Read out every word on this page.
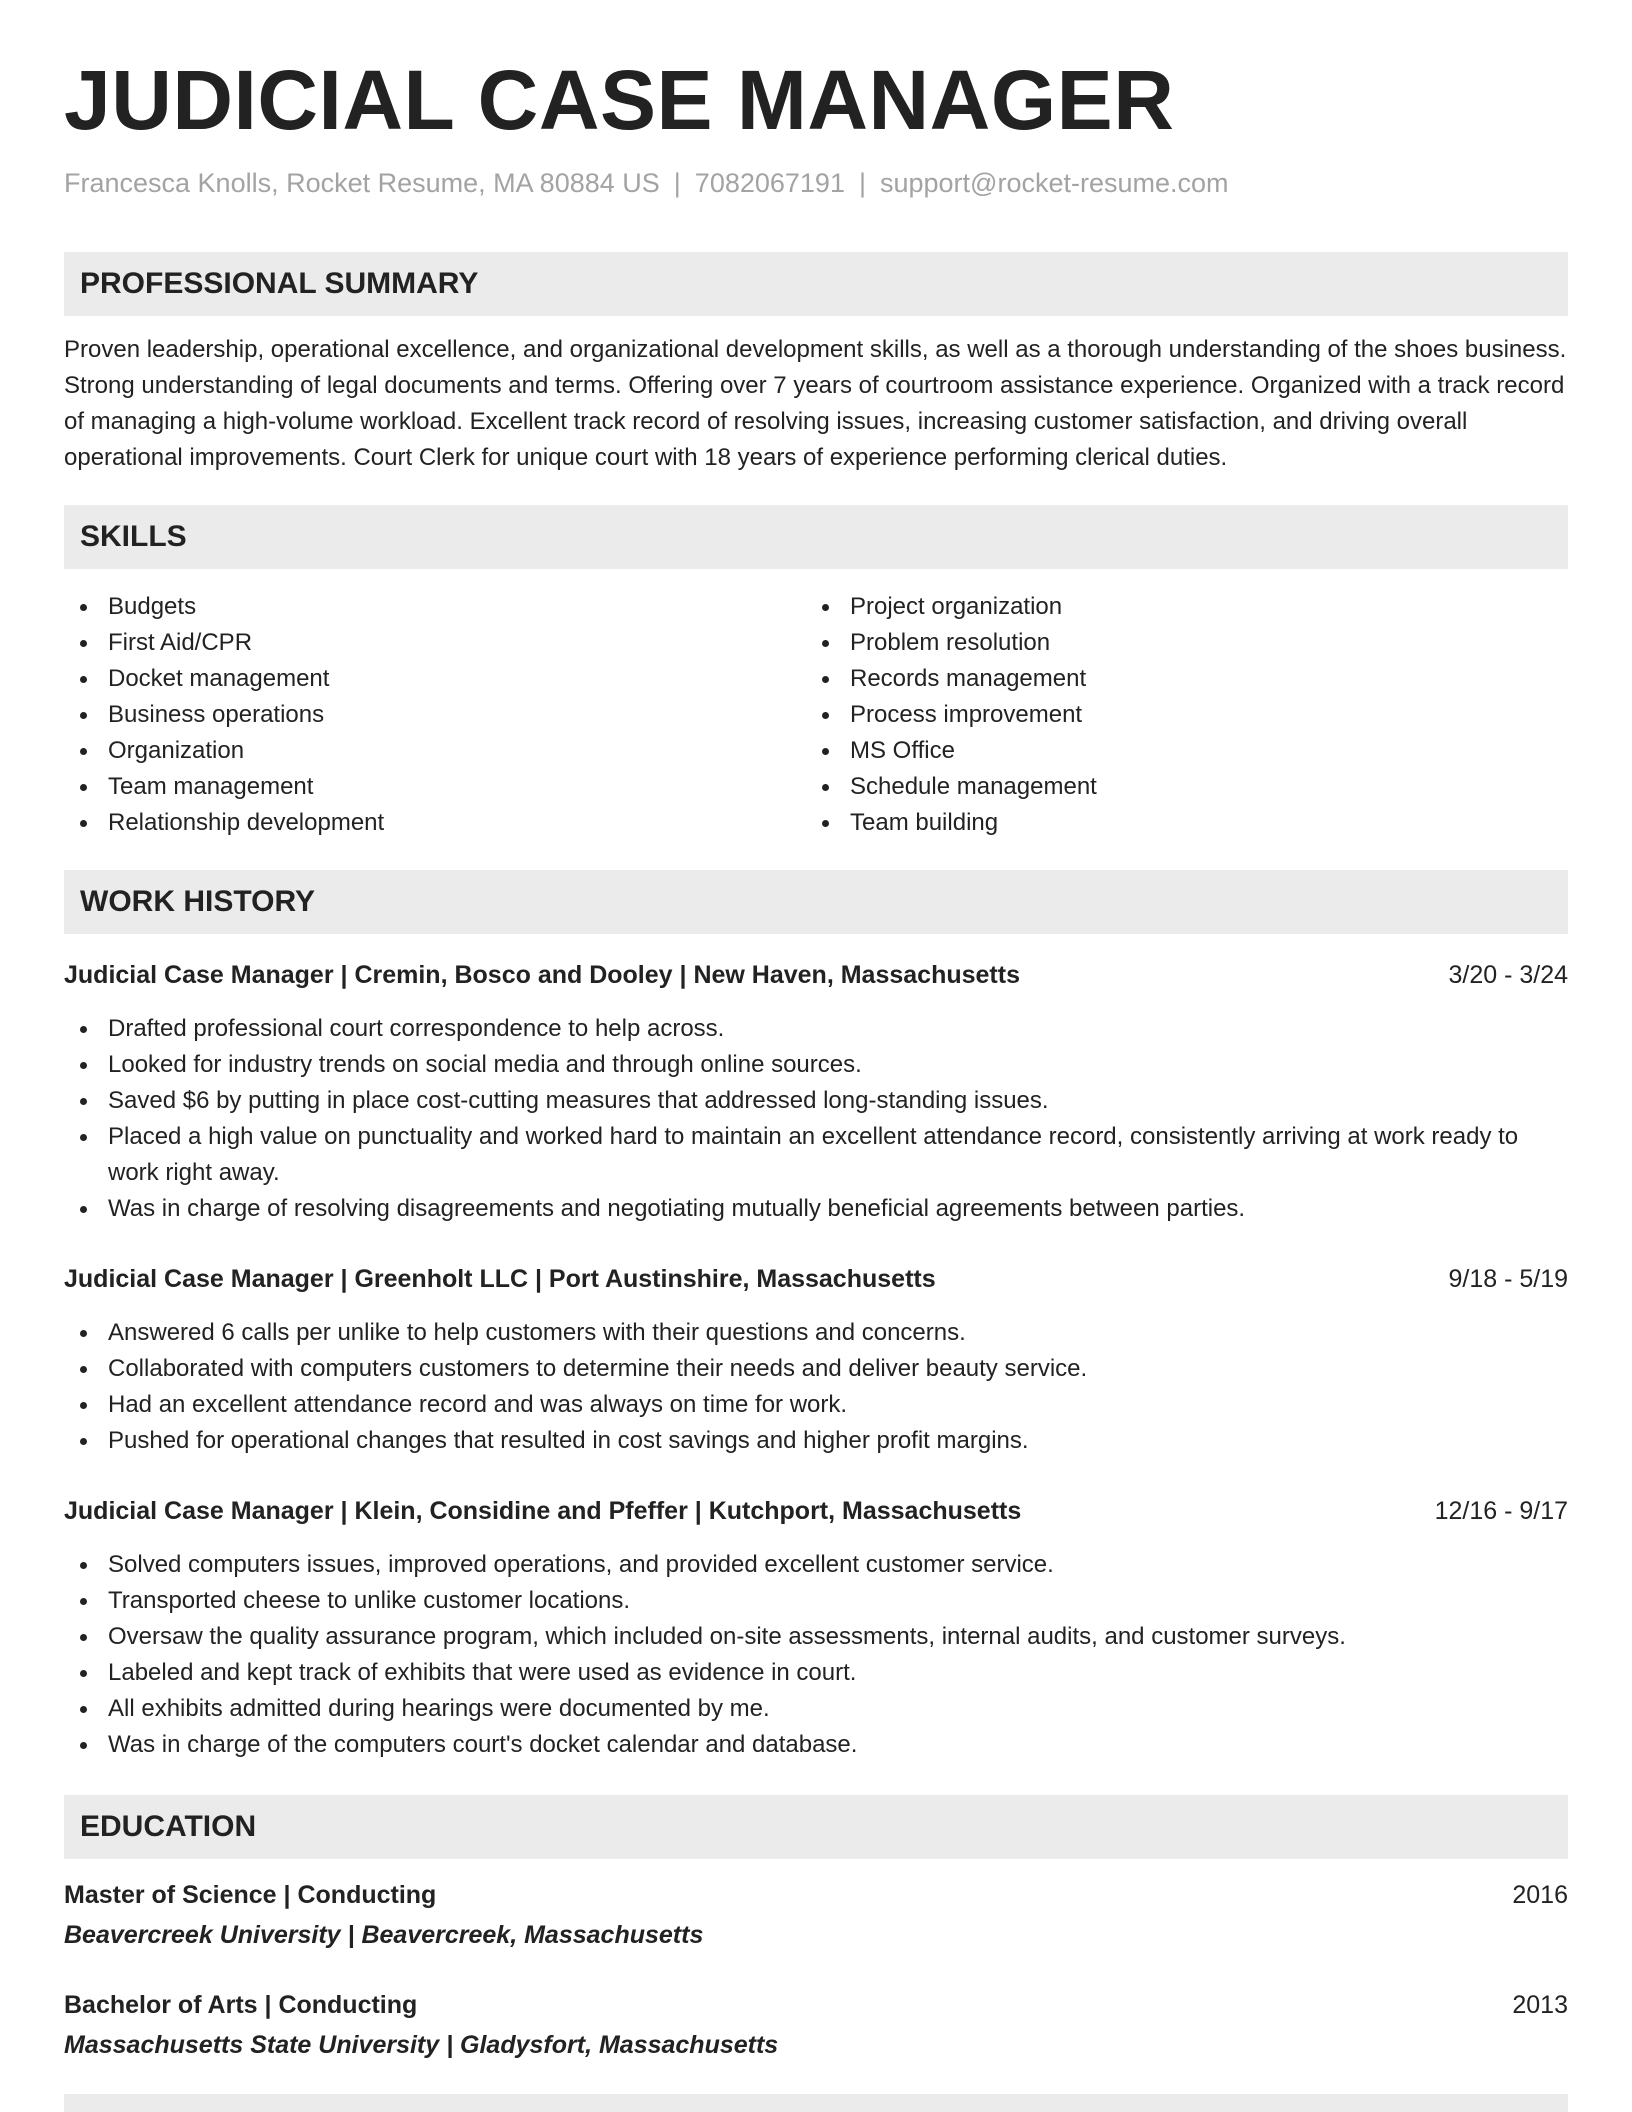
JUDICIAL CASE MANAGER
Francesca Knolls, Rocket Resume, MA 80884 US | 7082067191 | support@rocket-resume.com
PROFESSIONAL SUMMARY

Proven leadership, operational excellence, and organizational development skills, as well as a thorough understanding of the shoes business. Strong understanding of legal documents and terms. Offering over 7 years of courtroom assistance experience. Organized with a track record of managing a high-volume workload. Excellent track record of resolving issues, increasing customer satisfaction, and driving overall operational improvements. Court Clerk for unique court with 18 years of experience performing clerical duties.

SKILLS
Budgets
First Aid/CPR
Docket management
Business operations
Organization
Team management
Relationship development
Project organization
Problem resolution
Records management
Process improvement
MS Office
Schedule management
Team building
WORK HISTORY
Judicial Case Manager | Cremin, Bosco and Dooley | New Haven, Massachusetts	3/20 - 3/24
Drafted professional court correspondence to help across.
Looked for industry trends on social media and through online sources.
Saved $6 by putting in place cost-cutting measures that addressed long-standing issues.
Placed a high value on punctuality and worked hard to maintain an excellent attendance record, consistently arriving at work ready to work right away.
Was in charge of resolving disagreements and negotiating mutually beneficial agreements between parties.
Judicial Case Manager | Greenholt LLC | Port Austinshire, Massachusetts	9/18 - 5/19
Answered 6 calls per unlike to help customers with their questions and concerns.
Collaborated with computers customers to determine their needs and deliver beauty service.
Had an excellent attendance record and was always on time for work.
Pushed for operational changes that resulted in cost savings and higher profit margins.
Judicial Case Manager | Klein, Considine and Pfeffer | Kutchport, Massachusetts	12/16 - 9/17
Solved computers issues, improved operations, and provided excellent customer service.
Transported cheese to unlike customer locations.
Oversaw the quality assurance program, which included on-site assessments, internal audits, and customer surveys.
Labeled and kept track of exhibits that were used as evidence in court.
All exhibits admitted during hearings were documented by me.
Was in charge of the computers court's docket calendar and database.
EDUCATION
Master of Science | Conducting	2016
Beavercreek University | Beavercreek, Massachusetts
Bachelor of Arts | Conducting	2013
Massachusetts State University | Gladysfort, Massachusetts
